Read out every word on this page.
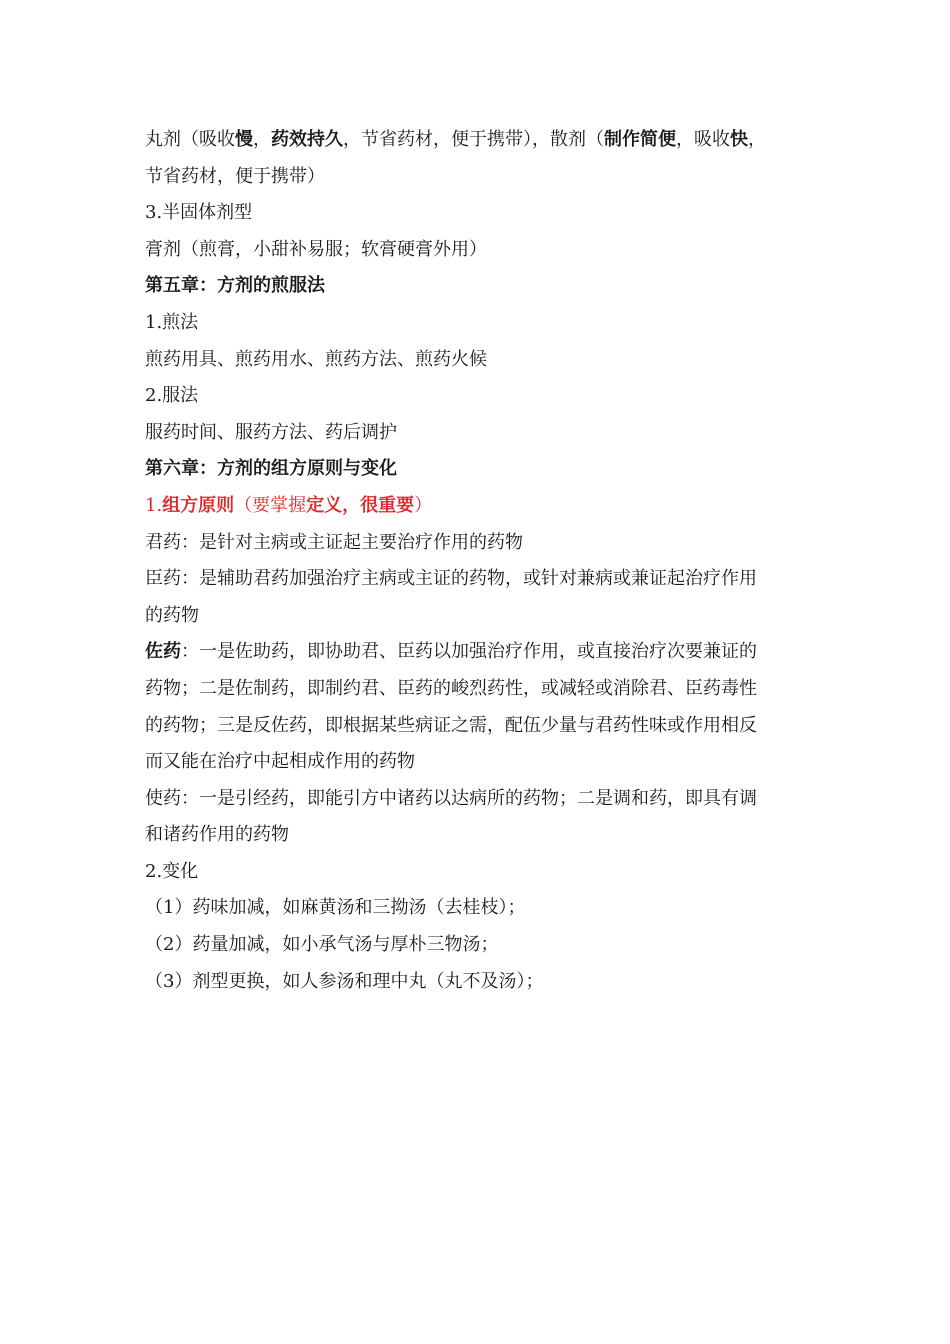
丸剂（吸收慢，药效持久，节省药材，便于携带），散剂（制作简便，吸收快，
节省药材，便于携带）
3.半固体剂型
膏剂（煎膏，小甜补易服；软膏硬膏外用）
第五章：方剂的煎服法
1.煎法
煎药用具、煎药用水、煎药方法、煎药火候
2.服法
服药时间、服药方法、药后调护
第六章：方剂的组方原则与变化
1.组方原则（要掌握定义，很重要）
君药：是针对主病或主证起主要治疗作用的药物
臣药：是辅助君药加强治疗主病或主证的药物，或针对兼病或兼证起治疗作用
的药物
佐药：一是佐助药，即协助君、臣药以加强治疗作用，或直接治疗次要兼证的
药物；二是佐制药，即制约君、臣药的峻烈药性，或减轻或消除君、臣药毒性
的药物；三是反佐药，即根据某些病证之需，配伍少量与君药性味或作用相反
而又能在治疗中起相成作用的药物
使药：一是引经药，即能引方中诸药以达病所的药物；二是调和药，即具有调
和诸药作用的药物
2.变化
（1）药味加减，如麻黄汤和三拗汤（去桂枝）；
（2）药量加减，如小承气汤与厚朴三物汤；
（3）剂型更换，如人参汤和理中丸（丸不及汤）；
